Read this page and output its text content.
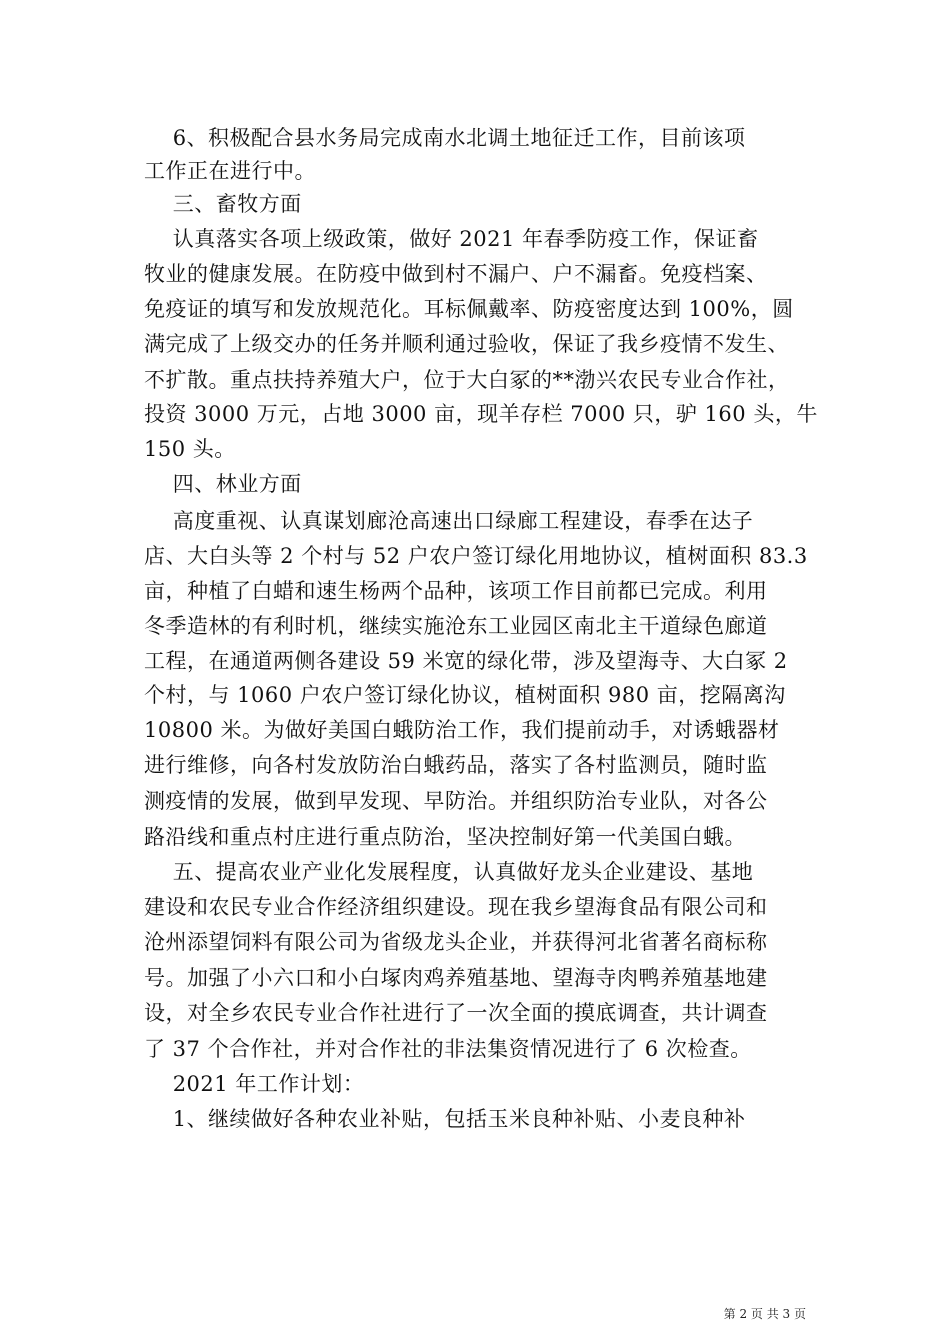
6、积极配合县水务局完成南水北调土地征迁工作，目前该项
工作正在进行中。
三、畜牧方面
认真落实各项上级政策，做好 2021 年春季防疫工作，保证畜
牧业的健康发展。在防疫中做到村不漏户、户不漏畜。免疫档案、
免疫证的填写和发放规范化。耳标佩戴率、防疫密度达到 100%，圆
满完成了上级交办的任务并顺利通过验收，保证了我乡疫情不发生、
不扩散。重点扶持养殖大户，位于大白冢的**渤兴农民专业合作社，
投资 3000 万元，占地 3000 亩，现羊存栏 7000 只，驴 160 头，牛
150 头。
四、林业方面
高度重视、认真谋划廊沧高速出口绿廊工程建设，春季在达子
店、大白头等 2 个村与 52 户农户签订绿化用地协议，植树面积 83.3
亩，种植了白蜡和速生杨两个品种，该项工作目前都已完成。利用
冬季造林的有利时机，继续实施沧东工业园区南北主干道绿色廊道
工程，在通道两侧各建设 59 米宽的绿化带，涉及望海寺、大白冢 2
个村，与 1060 户农户签订绿化协议，植树面积 980 亩，挖隔离沟
10800 米。为做好美国白蛾防治工作，我们提前动手，对诱蛾器材
进行维修，向各村发放防治白蛾药品，落实了各村监测员，随时监
测疫情的发展，做到早发现、早防治。并组织防治专业队，对各公
路沿线和重点村庄进行重点防治，坚决控制好第一代美国白蛾。
五、提高农业产业化发展程度，认真做好龙头企业建设、基地
建设和农民专业合作经济组织建设。现在我乡望海食品有限公司和
沧州添望饲料有限公司为省级龙头企业，并获得河北省著名商标称
号。加强了小六口和小白塚肉鸡养殖基地、望海寺肉鸭养殖基地建
设，对全乡农民专业合作社进行了一次全面的摸底调查，共计调查
了 37 个合作社，并对合作社的非法集资情况进行了 6 次检查。
2021 年工作计划：
1、继续做好各种农业补贴，包括玉米良种补贴、小麦良种补
第 2 页 共 3 页
